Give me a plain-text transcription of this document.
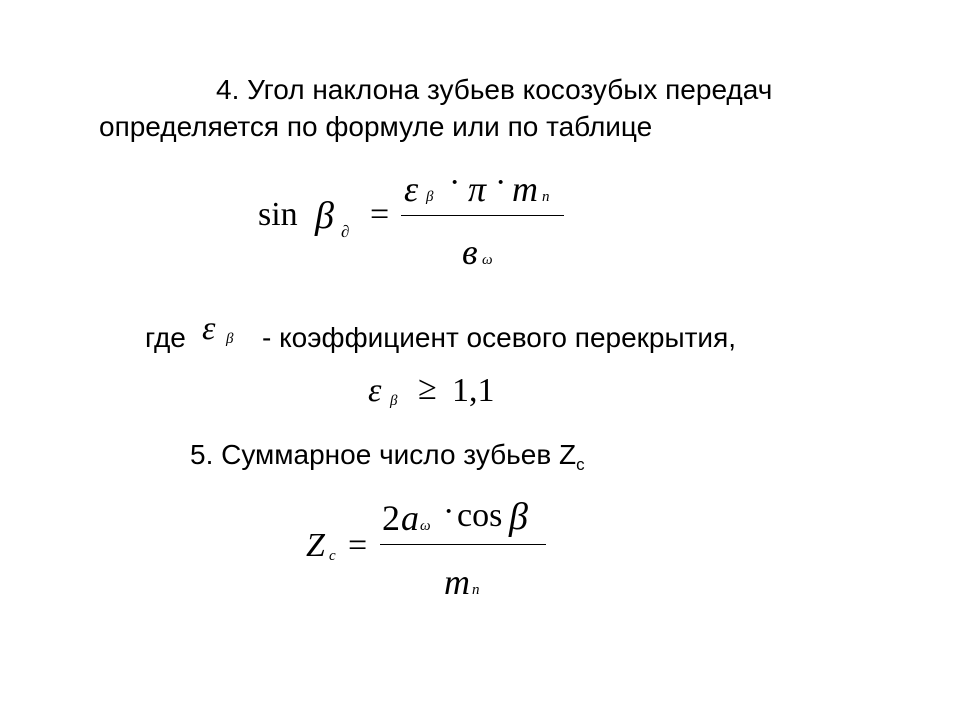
4. Угол наклона зубьев косозубых передач
определяется по формуле или по таблице
sin β ∂ =
ε β · π · m n
в ω
где ε β - коэффициент осевого перекрытия,
ε β ≥ 1,1
5. Суммарное число зубьев $Z_c$
Z c =
2 a ω · cos β
m n
